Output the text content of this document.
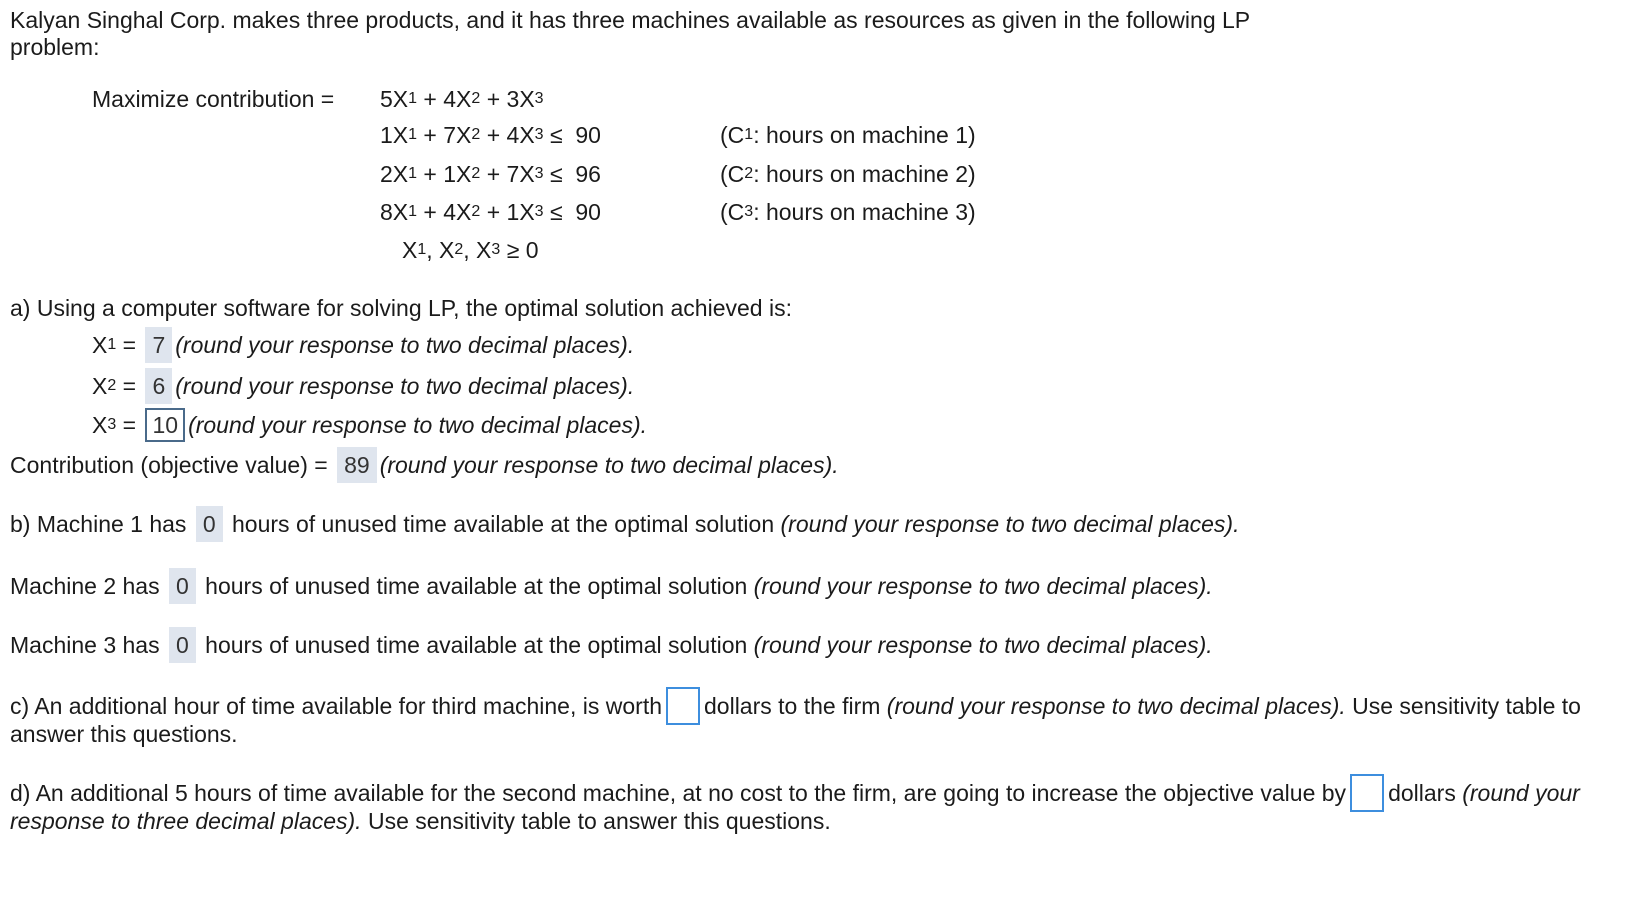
Kalyan Singhal Corp. makes three products, and it has three machines available as resources as given in the following LP
problem:
Maximize contribution = 5X 1 + 4X 2 + 3X 3
1X 1 + 7X 2 + 4X 3 ≤  90	(C 1 : hours on machine 1)
2X 1 + 1X 2 + 7X 3 ≤  96	(C 2 : hours on machine 2)
8X 1 + 4X 2 + 1X 3 ≤  90	(C 3 : hours on machine 3)
X 1 , X 2 , X 3 ≥ 0
a) Using a computer software for solving LP, the optimal solution achieved is:
X 1 = 7 (round your response to two decimal places).
X 2 = 6 (round your response to two decimal places).
X 3 = 10 (round your response to two decimal places).
Contribution (objective value) = 89 (round your response to two decimal places).
b) Machine 1 has 0 hours of unused time available at the optimal solution (round your response to two decimal places).
Machine 2 has 0 hours of unused time available at the optimal solution (round your response to two decimal places).
Machine 3 has 0 hours of unused time available at the optimal solution (round your response to two decimal places).
c) An additional hour of time available for third machine, is worth dollars to the firm (round your response to two decimal places). Use sensitivity table to
answer this questions.
d) An additional 5 hours of time available for the second machine, at no cost to the firm, are going to increase the objective value by dollars (round your
response to three decimal places). Use sensitivity table to answer this questions.
